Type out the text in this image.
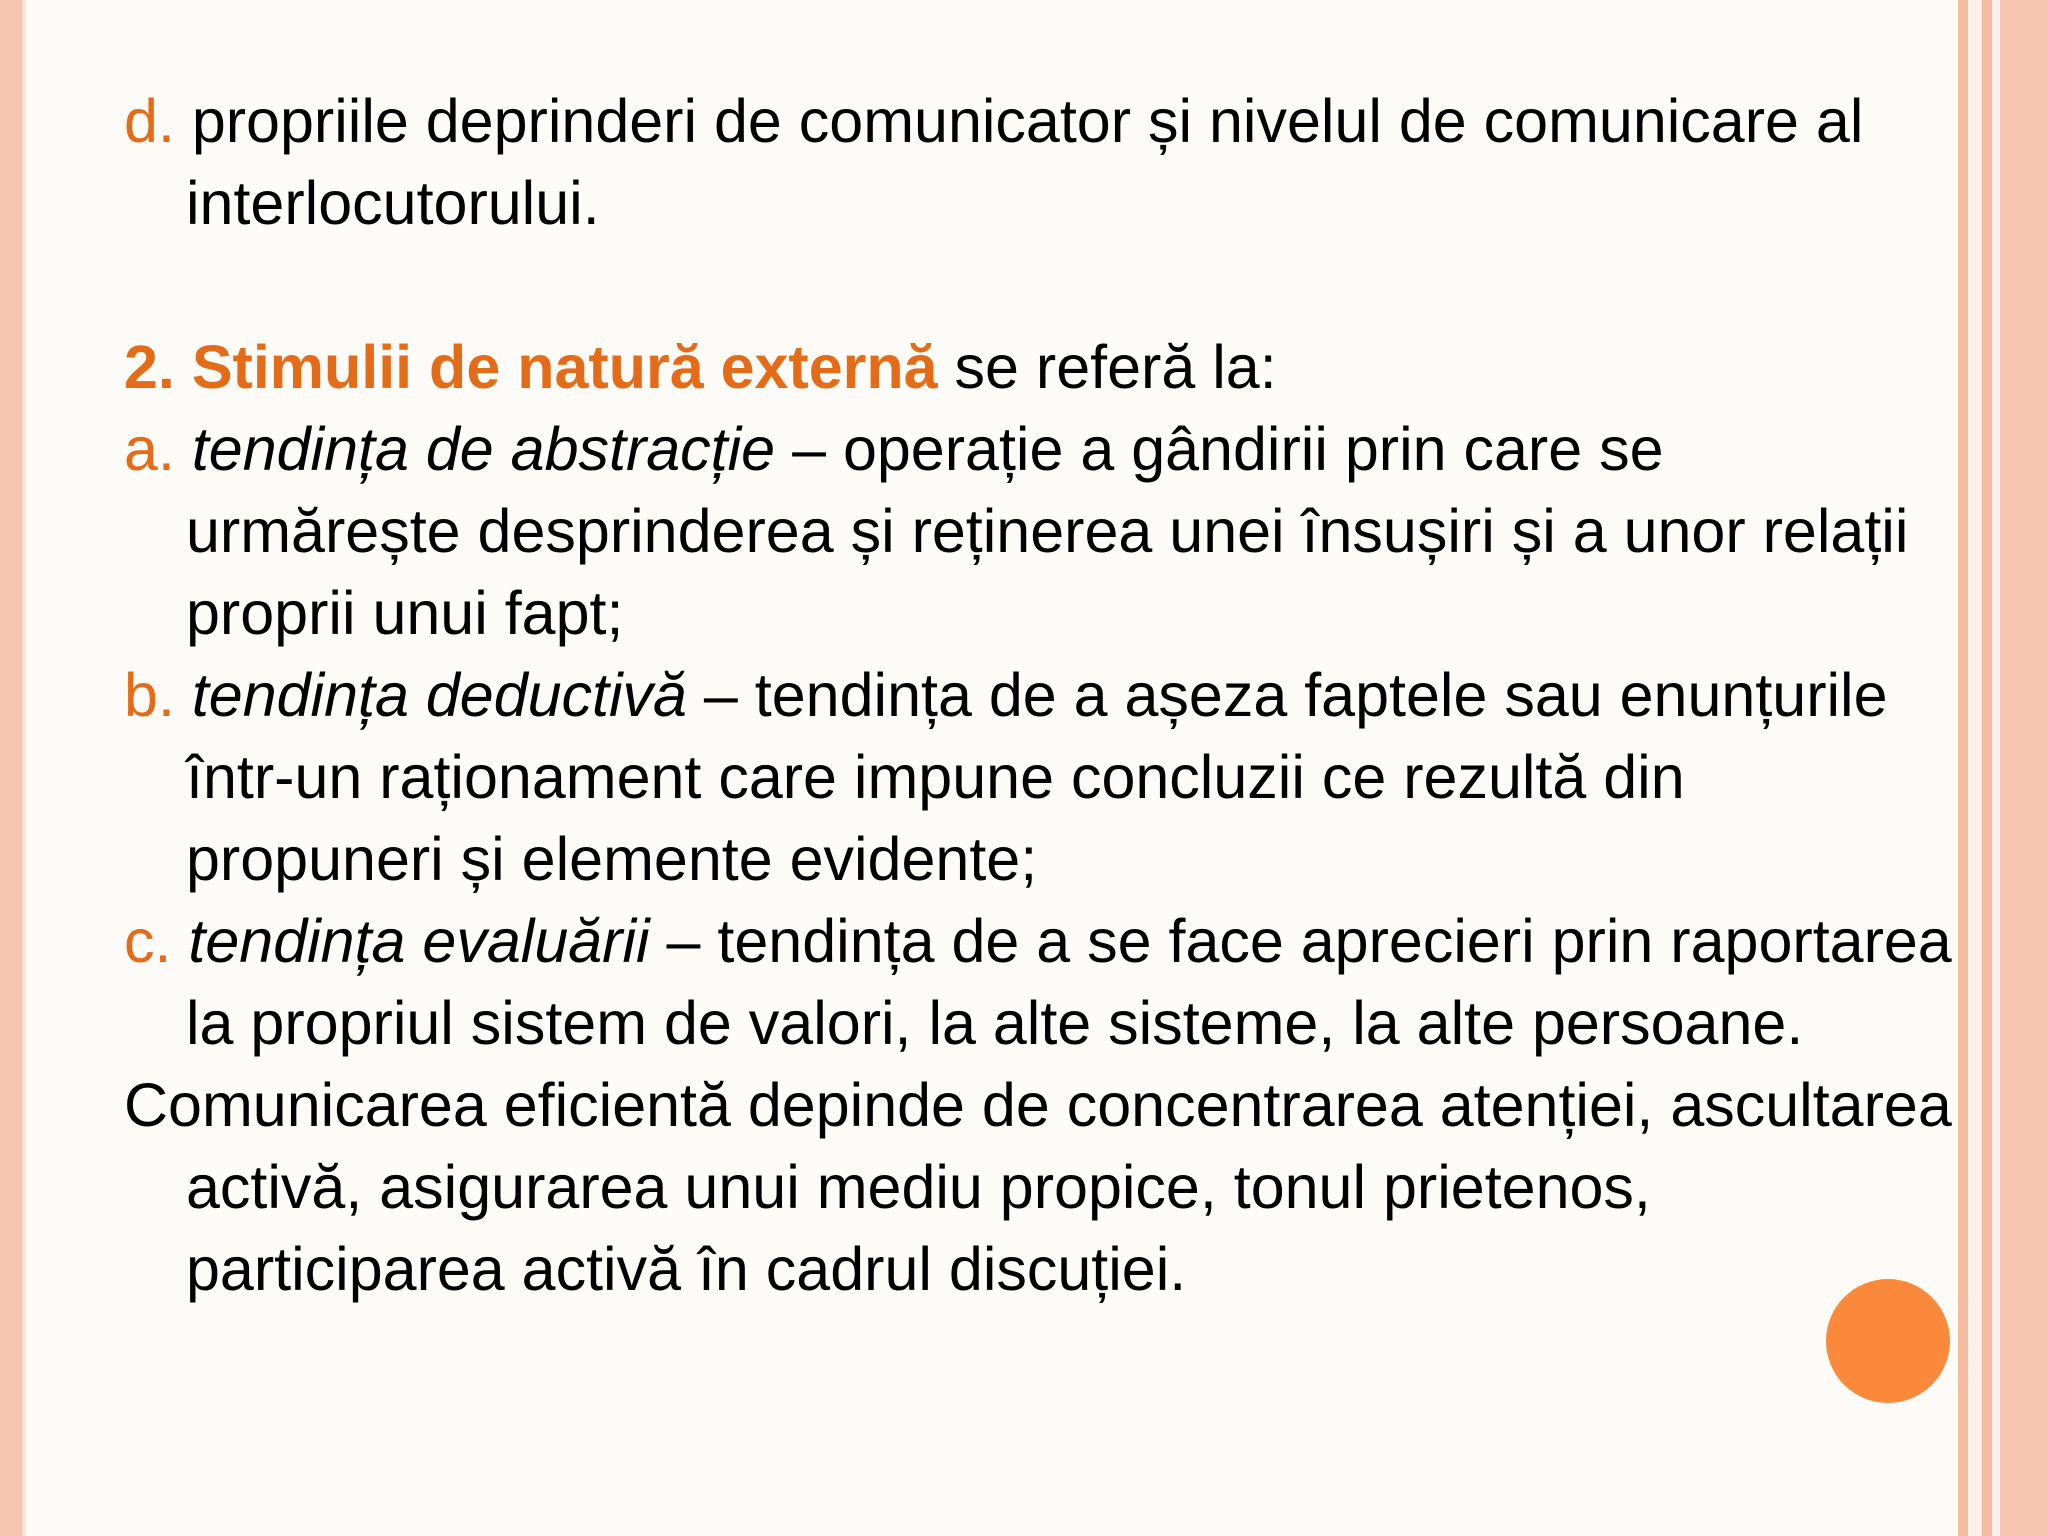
d. propriile deprinderi de comunicator și nivelul de comunicare al interlocutorului.

2. Stimulii de natură externă se referă la:

a. tendința de abstracție – operație a gândirii prin care se urmărește desprinderea și reținerea unei însușiri și a unor relații proprii unui fapt;

b. tendința deductivă – tendința de a așeza faptele sau enunțurile într-un raționament care impune concluzii ce rezultă din propuneri și elemente evidente;

c. tendința evaluării – tendința de a se face aprecieri prin raportarea la propriul sistem de valori, la alte sisteme, la alte persoane.

Comunicarea eficientă depinde de concentrarea atenției, ascultarea activă, asigurarea unui mediu propice, tonul prietenos, participarea activă în cadrul discuției.
